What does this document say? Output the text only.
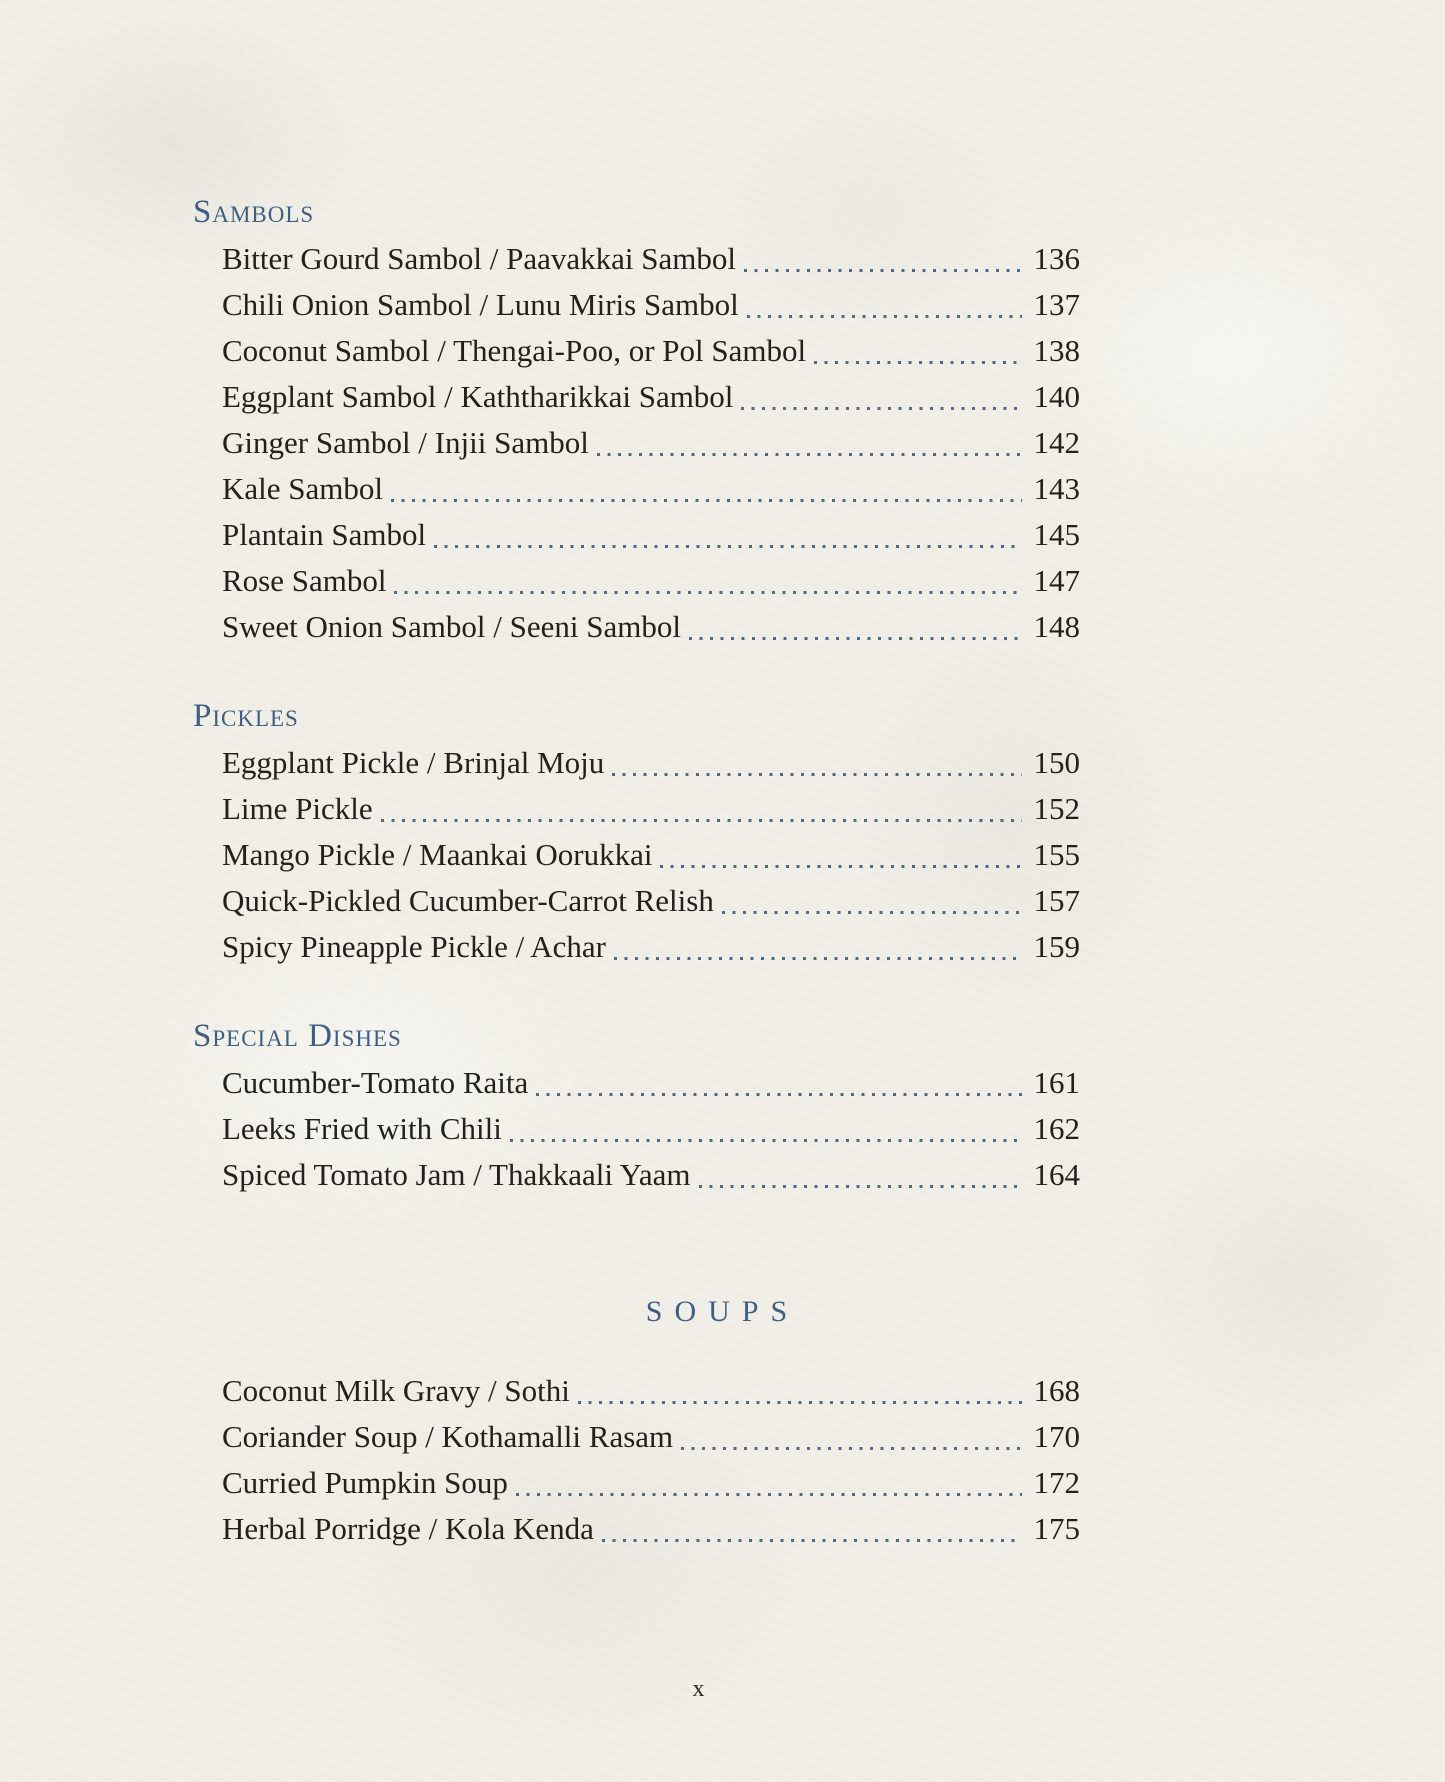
Sambols
Bitter Gourd Sambol / Paavakkai Sambol	136
Chili Onion Sambol / Lunu Miris Sambol	137
Coconut Sambol / Thengai-Poo, or Pol Sambol	138
Eggplant Sambol / Kaththarikkai Sambol	140
Ginger Sambol / Injii Sambol	142
Kale Sambol	143
Plantain Sambol	145
Rose Sambol	147
Sweet Onion Sambol / Seeni Sambol	148
Pickles
Eggplant Pickle / Brinjal Moju	150
Lime Pickle	152
Mango Pickle / Maankai Oorukkai	155
Quick-Pickled Cucumber-Carrot Relish	157
Spicy Pineapple Pickle / Achar	159
Special Dishes
Cucumber-Tomato Raita	161
Leeks Fried with Chili	162
Spiced Tomato Jam / Thakkaali Yaam	164
SOUPS
Coconut Milk Gravy / Sothi	168
Coriander Soup / Kothamalli Rasam	170
Curried Pumpkin Soup	172
Herbal Porridge / Kola Kenda	175
x
